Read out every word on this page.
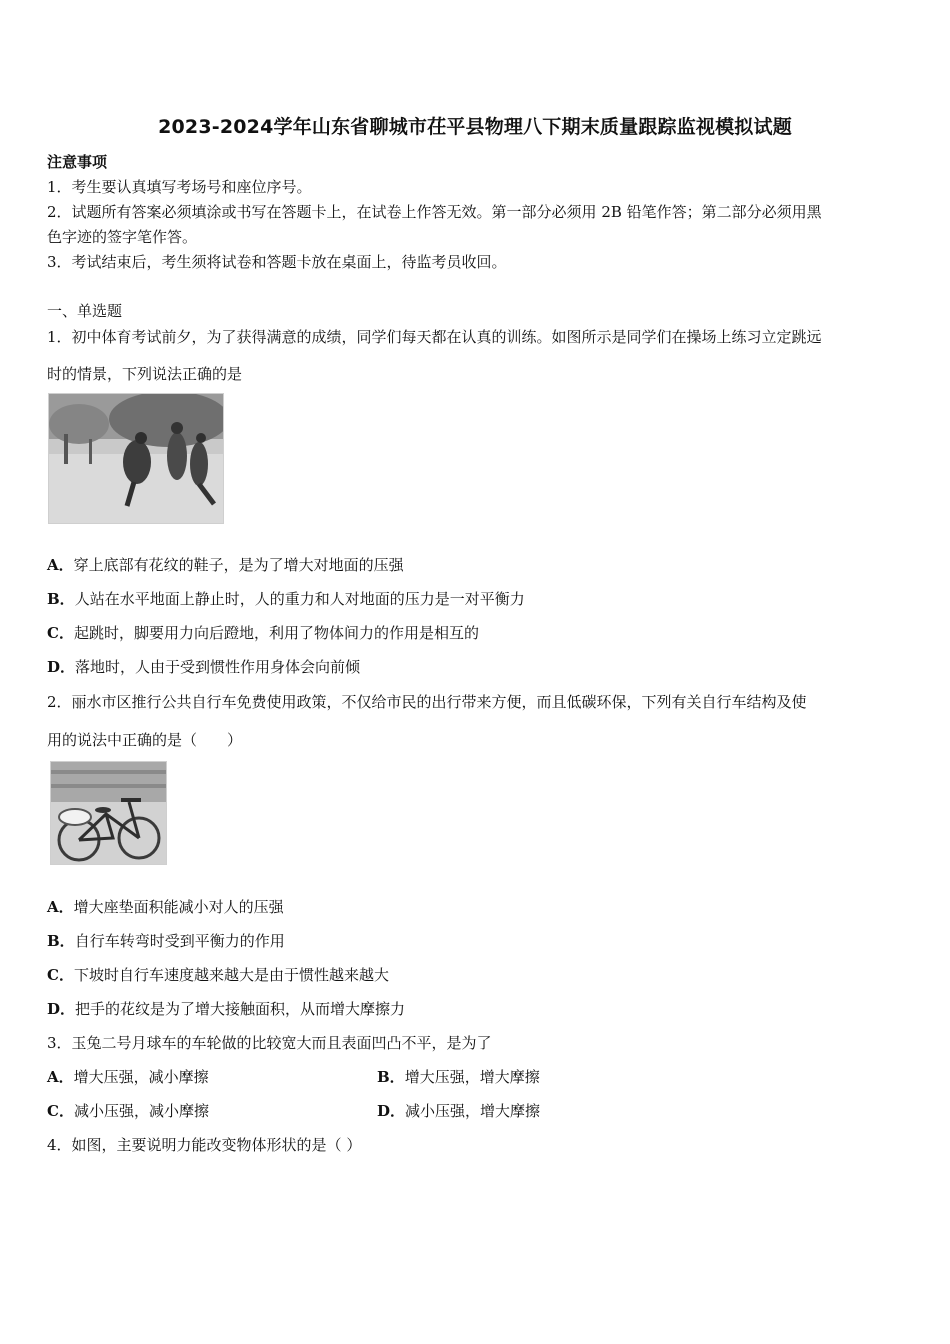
2023-2024学年山东省聊城市茌平县物理八下期末质量跟踪监视模拟试题
注意事项
1．考生要认真填写考场号和座位序号。
2．试题所有答案必须填涂或书写在答题卡上，在试卷上作答无效。第一部分必须用 2B 铅笔作答；第二部分必须用黑
色字迹的签字笔作答。
3．考试结束后，考生须将试卷和答题卡放在桌面上，待监考员收回。
一、单选题
1．初中体育考试前夕，为了获得满意的成绩，同学们每天都在认真的训练。如图所示是同学们在操场上练习立定跳远
时的情景，下列说法正确的是
A．穿上底部有花纹的鞋子，是为了增大对地面的压强
B．人站在水平地面上静止时，人的重力和人对地面的压力是一对平衡力
C．起跳时，脚要用力向后蹬地，利用了物体间力的作用是相互的
D．落地时，人由于受到惯性作用身体会向前倾
2．丽水市区推行公共自行车免费使用政策，不仅给市民的出行带来方便，而且低碳环保，下列有关自行车结构及使
用的说法中正确的是（　　）
A．增大座垫面积能减小对人的压强
B．自行车转弯时受到平衡力的作用
C．下坡时自行车速度越来越大是由于惯性越来越大
D．把手的花纹是为了增大接触面积，从而增大摩擦力
3．玉兔二号月球车的车轮做的比较宽大而且表面凹凸不平，是为了
A．增大压强，减小摩擦	B．增大压强，增大摩擦
C．减小压强，减小摩擦	D．减小压强，增大摩擦
4．如图，主要说明力能改变物体形状的是（ ）
